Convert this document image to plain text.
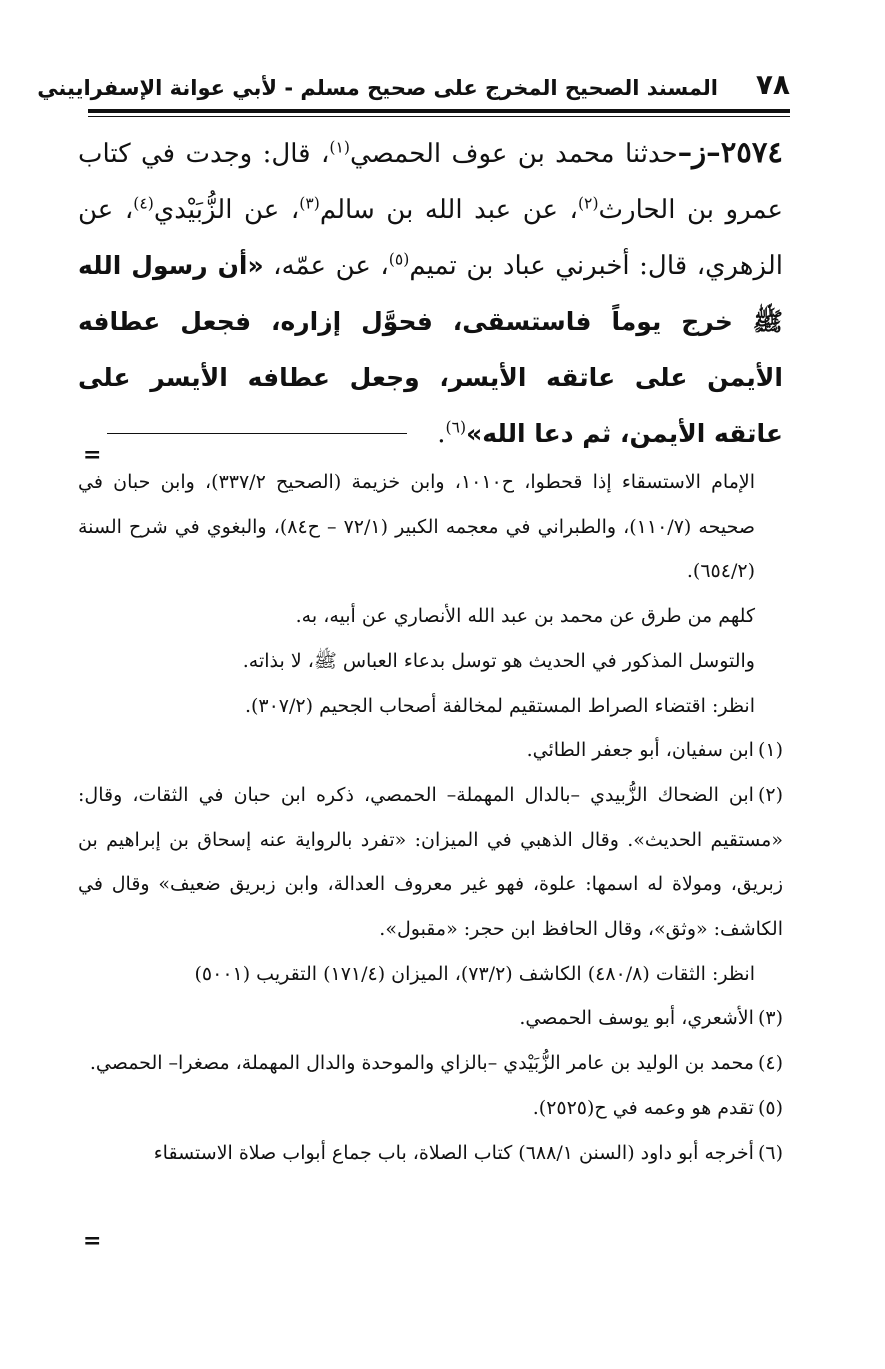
٧٨
المسند الصحيح المخرج على صحيح مسلم - لأبي عوانة الإسفراييني
٢٥٧٤–ز–حدثنا محمد بن عوف الحمصي$^{(١)}$، قال: وجدت في كتاب عمرو بن الحارث$^{(٢)}$، عن عبد الله بن سالم$^{(٣)}$، عن الزُّبَيْدي$^{(٤)}$، عن الزهري، قال: أخبرني عباد بن تميم$^{(٥)}$، عن عمّه، «أن رسول الله ﷺ خرج يوماً فاستسقى، فحوَّل إزاره، فجعل عطافه الأيمن على عاتقه الأيسر، وجعل عطافه الأيسر على عاتقه الأيمن، ثم دعا الله»$^{(٦)}$.
=

الإمام الاستسقاء إذا قحطوا، ح١٠١٠، وابن خزيمة (الصحيح ٣٣٧/٢)، وابن حبان في صحيحه (١١٠/٧)، والطبراني في معجمه الكبير (٧٢/١ – ح٨٤)، والبغوي في شرح السنة (٦٥٤/٢).

كلهم من طرق عن محمد بن عبد الله الأنصاري عن أبيه، به.

والتوسل المذكور في الحديث هو توسل بدعاء العباس ﷺ، لا بذاته.

انظر: اقتضاء الصراط المستقيم لمخالفة أصحاب الجحيم (٣٠٧/٢).

(١)ابن سفيان، أبو جعفر الطائي.

(٢)ابن الضحاك الزُّبيدي –بالدال المهملة– الحمصي، ذكره ابن حبان في الثقات، وقال: «مستقيم الحديث». وقال الذهبي في الميزان: «تفرد بالرواية عنه إسحاق بن إبراهيم بن زبريق، ومولاة له اسمها: علوة، فهو غير معروف العدالة، وابن زبريق ضعيف» وقال في الكاشف: «وثق»، وقال الحافظ ابن حجر: «مقبول».

انظر: الثقات (٤٨٠/٨) الكاشف (٧٣/٢)، الميزان (١٧١/٤) التقريب (٥٠٠١)

(٣)الأشعري، أبو يوسف الحمصي.

(٤)محمد بن الوليد بن عامر الزُّبَيْدي –بالزاي والموحدة والدال المهملة، مصغرا– الحمصي.

(٥)تقدم هو وعمه في ح(٢٥٢٥).

(٦)أخرجه أبو داود (السنن ٦٨٨/١) كتاب الصلاة، باب جماع أبواب صلاة الاستسقاء

=
